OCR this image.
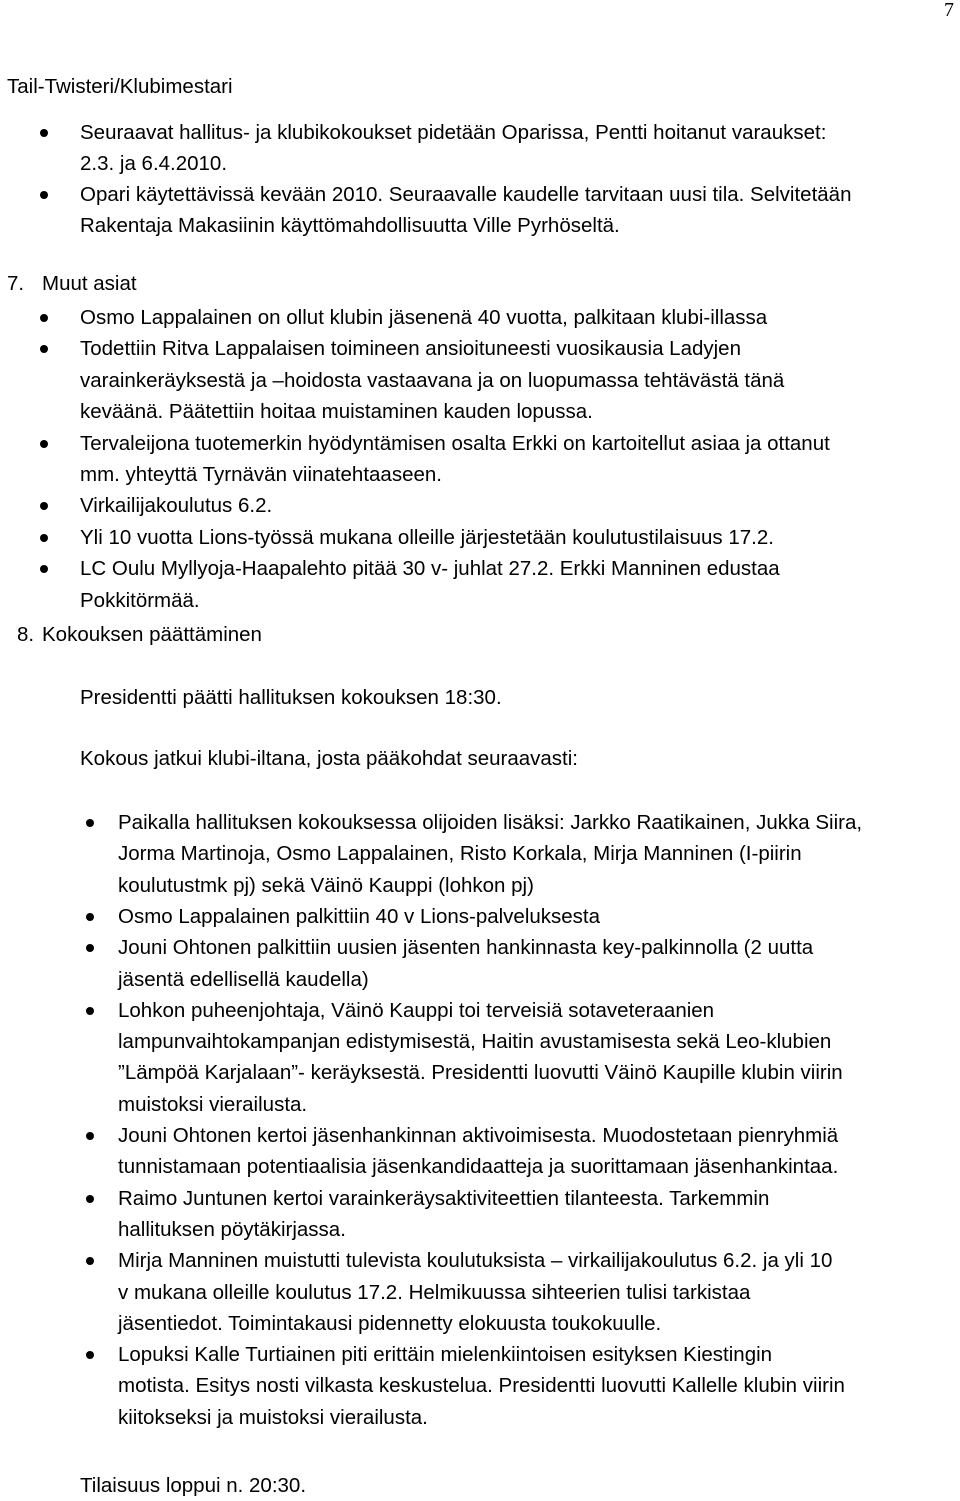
7
Tail-Twisteri/Klubimestari
Seuraavat hallitus- ja klubikokoukset pidetään Oparissa, Pentti hoitanut varaukset:
2.3. ja 6.4.2010.
Opari käytettävissä kevään 2010. Seuraavalle kaudelle tarvitaan uusi tila. Selvitetään
Rakentaja Makasiinin käyttömahdollisuutta Ville Pyrhöseltä.
7. Muut asiat
Osmo Lappalainen on ollut klubin jäsenenä 40 vuotta, palkitaan klubi-illassa
Todettiin Ritva Lappalaisen toimineen ansioituneesti vuosikausia Ladyjen
varainkeräyksestä ja –hoidosta vastaavana ja on luopumassa tehtävästä tänä
keväänä. Päätettiin hoitaa muistaminen kauden lopussa.
Tervaleijona tuotemerkin hyödyntämisen osalta Erkki on kartoitellut asiaa ja ottanut
mm. yhteyttä Tyrnävän viinatehtaaseen.
Virkailijakoulutus 6.2.
Yli 10 vuotta Lions-työssä mukana olleille järjestetään koulutustilaisuus 17.2.
LC Oulu Myllyoja-Haapalehto pitää 30 v- juhlat 27.2. Erkki Manninen edustaa
Pokkitörmää.
8. Kokouksen päättäminen
Presidentti päätti hallituksen kokouksen 18:30.
Kokous jatkui klubi-iltana, josta pääkohdat seuraavasti:
Paikalla hallituksen kokouksessa olijoiden lisäksi: Jarkko Raatikainen, Jukka Siira,
Jorma Martinoja, Osmo Lappalainen, Risto Korkala, Mirja Manninen (I-piirin
koulutustmk pj) sekä Väinö Kauppi (lohkon pj)
Osmo Lappalainen palkittiin 40 v Lions-palveluksesta
Jouni Ohtonen palkittiin uusien jäsenten hankinnasta key-palkinnolla (2 uutta
jäsentä edellisellä kaudella)
Lohkon puheenjohtaja, Väinö Kauppi toi terveisiä sotaveteraanien
lampunvaihtokampanjan edistymisestä, Haitin avustamisesta sekä Leo-klubien
”Lämpöä Karjalaan”- keräyksestä. Presidentti luovutti Väinö Kaupille klubin viirin
muistoksi vierailusta.
Jouni Ohtonen kertoi jäsenhankinnan aktivoimisesta. Muodostetaan pienryhmiä
tunnistamaan potentiaalisia jäsenkandidaatteja ja suorittamaan jäsenhankintaa.
Raimo Juntunen kertoi varainkeräysaktiviteettien tilanteesta. Tarkemmin
hallituksen pöytäkirjassa.
Mirja Manninen muistutti tulevista koulutuksista – virkailijakoulutus 6.2. ja yli 10
v mukana olleille koulutus 17.2. Helmikuussa sihteerien tulisi tarkistaa
jäsentiedot. Toimintakausi pidennetty elokuusta toukokuulle.
Lopuksi Kalle Turtiainen piti erittäin mielenkiintoisen esityksen Kiestingin
motista. Esitys nosti vilkasta keskustelua. Presidentti luovutti Kallelle klubin viirin
kiitokseksi ja muistoksi vierailusta.
Tilaisuus loppui n. 20:30.
